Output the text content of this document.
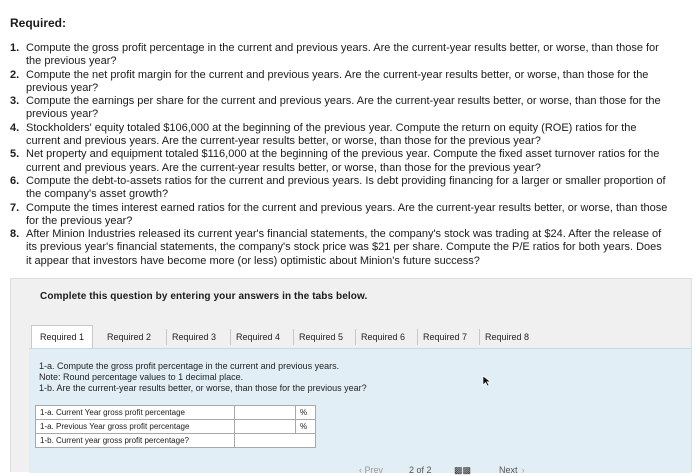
Required:
1. Compute the gross profit percentage in the current and previous years. Are the current-year results better, or worse, than those for the previous year?
2. Compute the net profit margin for the current and previous years. Are the current-year results better, or worse, than those for the previous year?
3. Compute the earnings per share for the current and previous years. Are the current-year results better, or worse, than those for the previous year?
4. Stockholders' equity totaled $106,000 at the beginning of the previous year. Compute the return on equity (ROE) ratios for the current and previous years. Are the current-year results better, or worse, than those for the previous year?
5. Net property and equipment totaled $116,000 at the beginning of the previous year. Compute the fixed asset turnover ratios for the current and previous years. Are the current-year results better, or worse, than those for the previous year?
6. Compute the debt-to-assets ratios for the current and previous years. Is debt providing financing for a larger or smaller proportion of the company's asset growth?
7. Compute the times interest earned ratios for the current and previous years. Are the current-year results better, or worse, than those for the previous year?
8. After Minion Industries released its current year's financial statements, the company's stock was trading at $24. After the release of its previous year's financial statements, the company's stock price was $21 per share. Compute the P/E ratios for both years. Does it appear that investors have become more (or less) optimistic about Minion's future success?
Complete this question by entering your answers in the tabs below.
Required 1	Required 2 Required 3 Required 4 Required 5 Required 6 Required 7 Required 8
1-a. Compute the gross profit percentage in the current and previous years.
Note: Round percentage values to 1 decimal place.
1-b. Are the current-year results better, or worse, than those for the previous year?
1-a. Current Year gross profit percentage		%
1-a. Previous Year gross profit percentage		%
1-b. Current year gross profit percentage?	
‹ Prev	2 of 2 ▩▩	Next ›
